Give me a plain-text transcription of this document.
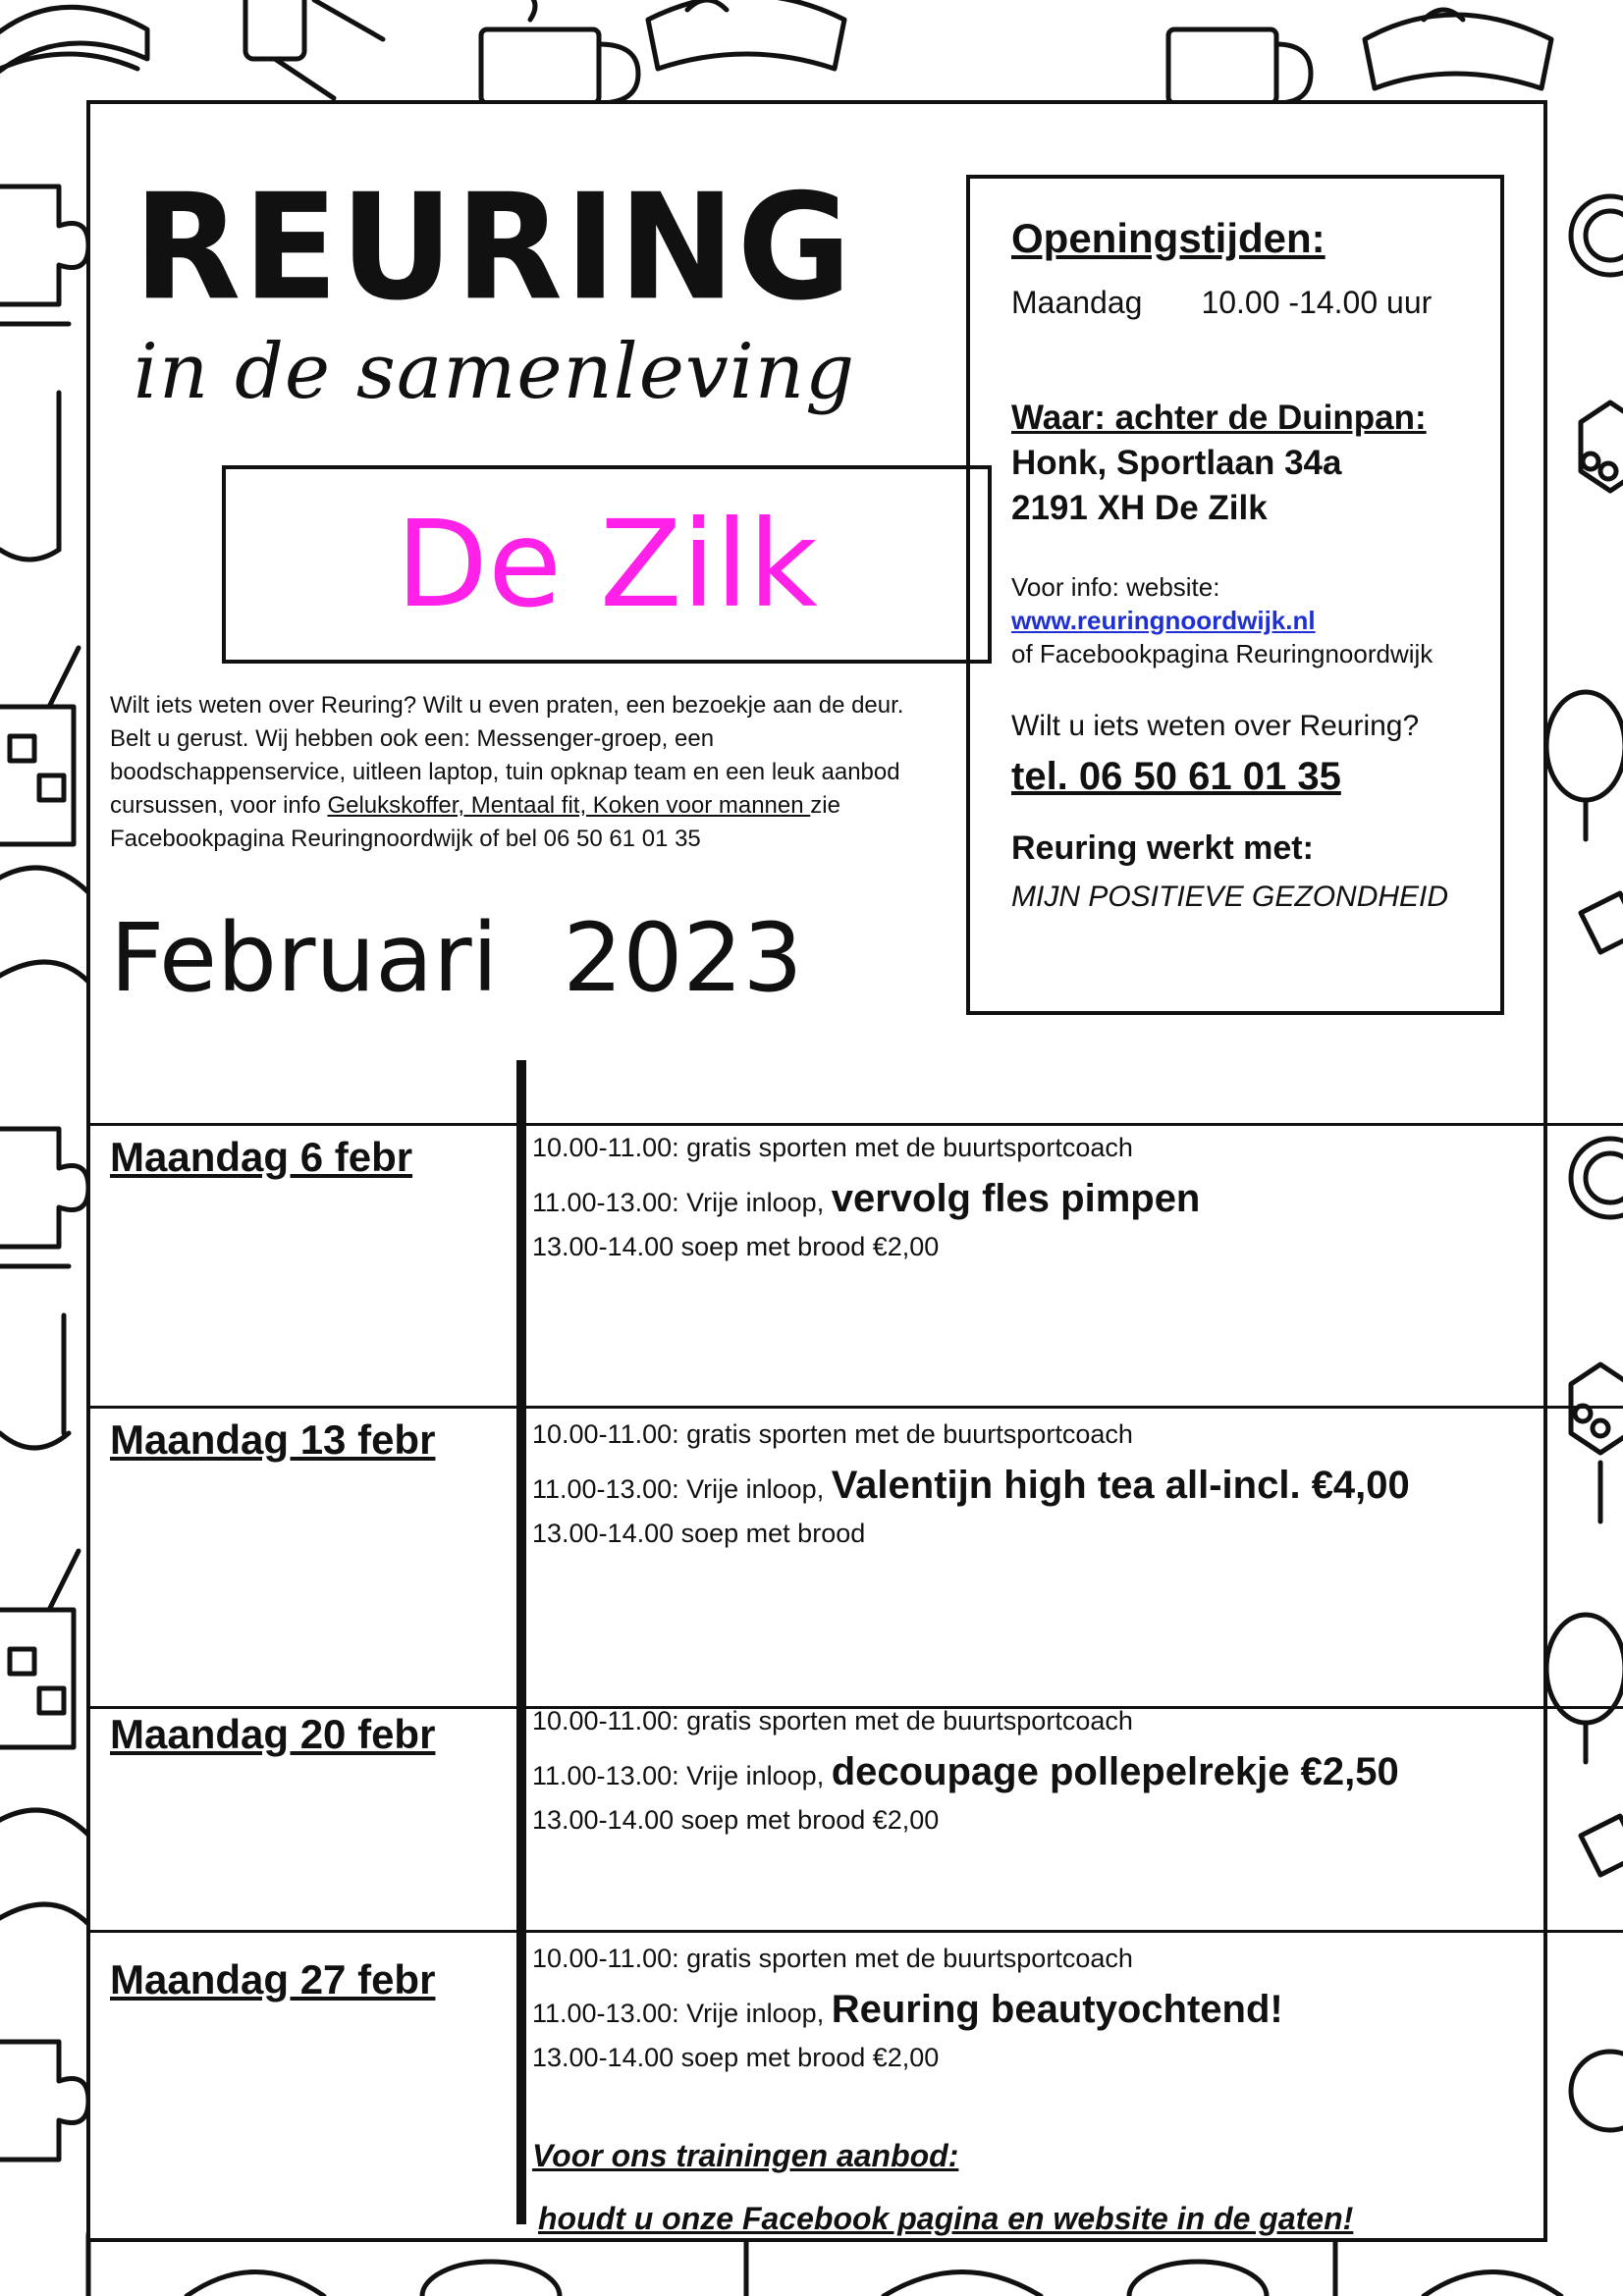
REURING
in de samenleving
De Zilk
Wilt iets weten over Reuring? Wilt u even praten, een bezoekje aan de deur. Belt u gerust. Wij hebben ook een: Messenger-groep, een boodschappenservice, uitleen laptop, tuin opknap team en een leuk aanbod cursussen, voor info Gelukskoffer, Mentaal fit, Koken voor mannen zie Facebookpagina Reuringnoordwijk of bel 06 50 61 01 35
Februari 2023
Openingstijden:
Maandag 10.00 -14.00 uur
Waar: achter de Duinpan:
Honk, Sportlaan 34a
2191 XH De Zilk
Voor info: website:
www.reuringnoordwijk.nl
of Facebookpagina Reuringnoordwijk
Wilt u iets weten over Reuring?
tel. 06 50 61 01 35
Reuring werkt met:
MIJN POSITIEVE GEZONDHEID
Maandag 6 febr	10.00-11.00: gratis sporten met de buurtsportcoach
11.00-13.00: Vrije inloop, vervolg fles pimpen
13.00-14.00 soep met brood €2,00
Maandag 13 febr	10.00-11.00: gratis sporten met de buurtsportcoach
11.00-13.00: Vrije inloop, Valentijn high tea all-incl. €4,00
13.00-14.00 soep met brood
Maandag 20 febr	10.00-11.00: gratis sporten met de buurtsportcoach
11.00-13.00: Vrije inloop, decoupage pollepelrekje €2,50
13.00-14.00 soep met brood €2,00
Maandag 27 febr	10.00-11.00: gratis sporten met de buurtsportcoach
11.00-13.00: Vrije inloop, Reuring beautyochtend!
13.00-14.00 soep met brood €2,00
Voor ons trainingen aanbod:
houdt u onze Facebook pagina en website in de gaten!
